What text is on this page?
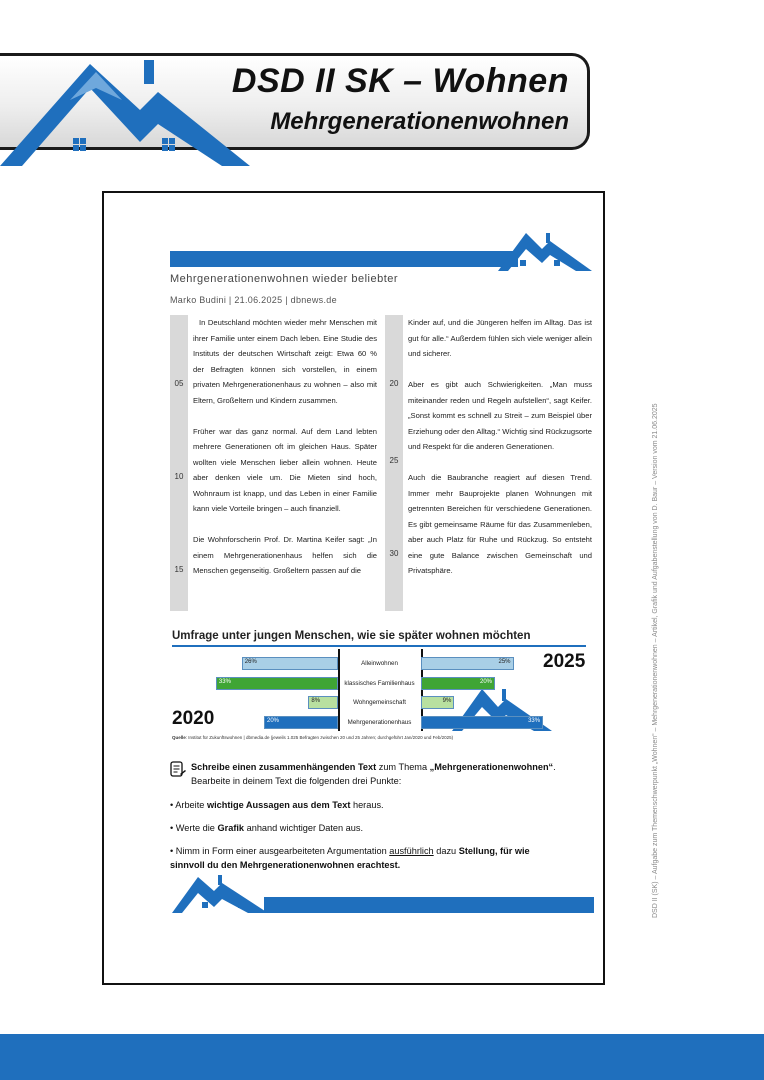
DSD II SK – Wohnen
Mehrgenerationenwohnen
DSD II (SK) – Aufgabe zum Themenschwerpunkt „Wohnen“ – Mehrgenerationenwohnen – Artikel, Grafik und Aufgabenstellung von D. Baur – Version vom 21.06.2025
Mehrgenerationenwohnen wieder beliebter
Marko Budini | 21.06.2025 | dbnews.de
05
10
15
20
25
30

In Deutschland möchten wieder mehr Menschen mit ihrer Familie unter einem Dach leben. Eine Studie des Instituts der deutschen Wirtschaft zeigt: Etwa 60 % der Befragten können sich vorstellen, in einem privaten Mehrgenerationenhaus zu wohnen – also mit Eltern, Großeltern und Kindern zusammen.

Früher war das ganz normal. Auf dem Land lebten mehrere Generationen oft im gleichen Haus. Später wollten viele Menschen lieber allein wohnen. Heute aber denken viele um. Die Mieten sind hoch, Wohnraum ist knapp, und das Leben in einer Familie kann viele Vorteile bringen – auch finanziell.

Die Wohnforscherin Prof. Dr. Martina Keifer sagt: „In einem Mehrgenerationenhaus helfen sich die Menschen gegenseitig. Großeltern passen auf die

Kinder auf, und die Jüngeren helfen im Alltag. Das ist gut für alle.“ Außerdem fühlen sich viele weniger allein und sicherer.

Aber es gibt auch Schwierigkeiten. „Man muss miteinander reden und Regeln aufstellen“, sagt Keifer. „Sonst kommt es schnell zu Streit – zum Beispiel über Erziehung oder den Alltag.“ Wichtig sind Rückzugsorte und Respekt für die anderen Generationen.

Auch die Baubranche reagiert auf diesen Trend. Immer mehr Bauprojekte planen Wohnungen mit getrennten Bereichen für verschiedene Generationen. Es gibt gemeinsame Räume für das Zusammenleben, aber auch Platz für Ruhe und Rückzug. So entsteht eine gute Balance zwischen Gemeinschaft und Privatsphäre.

Umfrage unter jungen Menschen, wie sie später wohnen möchten
2020
2025
Quelle: Institut für Zukunftswohnen | dbmedia.de (jeweils 1.025 Befragten zwischen 20 und 25 Jahren; durchgeführt Jan/2020 und Feb/2025)
Schreibe einen zusammenhängenden Text zum Thema „Mehrgenerationenwohnen“.
Bearbeite in deinem Text die folgenden drei Punkte:
• Arbeite wichtige Aussagen aus dem Text heraus.
• Werte die Grafik anhand wichtiger Daten aus.
• Nimm in Form einer ausgearbeiteten Argumentation ausführlich dazu Stellung, für wie
sinnvoll du den Mehrgenerationenwohnen erachtest.
Alleinwohnen
26%	25%
klassisches Familienhaus
33%	20%
Wohngemeinschaft
8%	9%
Mehrgenerationenhaus
20%	33%
